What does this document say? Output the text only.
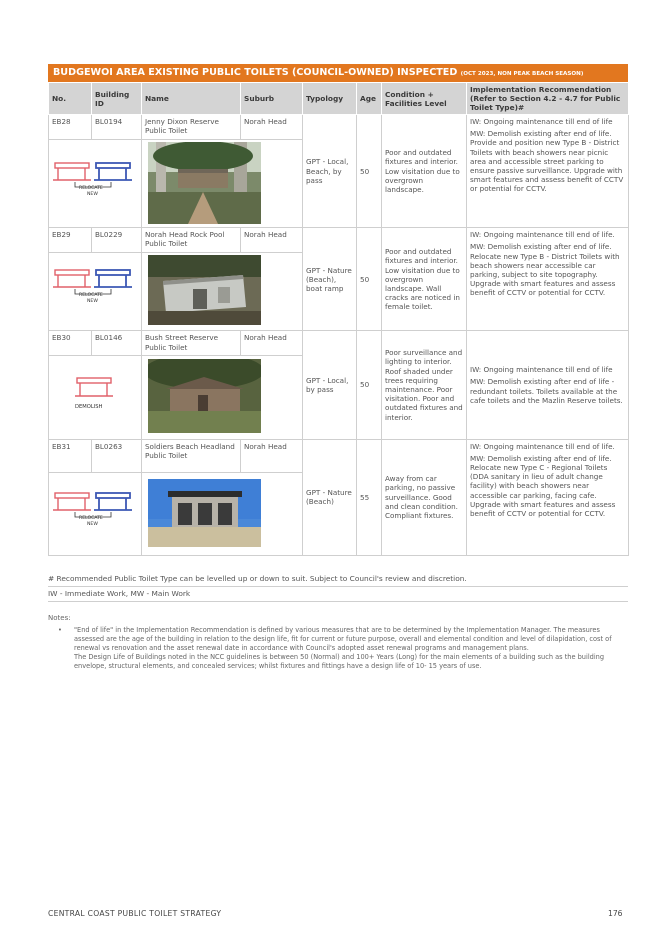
BUDGEWOI AREA EXISTING PUBLIC TOILETS (COUNCIL-OWNED) INSPECTED (OCT 2023, NON PEAK BEACH SEASON)
No.	Building ID	Name	Suburb	Typology	Age	Condition + Facilities Level	Implementation Recommendation (Refer to Section 4.2 - 4.7 for Public Toilet Type)#
EB28	BL0194	Jenny Dixon Reserve Public Toilet	Norah Head	GPT - Local, Beach, by pass	50	Poor and outdated fixtures and interior. Low visitation due to overgrown landscape.	IW: Ongoing maintenance till end of life
MW: Demolish existing after end of life. Provide and position new Type B - District Toilets with beach showers near picnic area and accessible street parking to ensure passive surveillance. Upgrade with smart features and assess benefit of CCTV or potential for CCTV.

RELOCATE
NEW

EB29	BL0229	Norah Head Rock Pool Public Toilet	Norah Head	GPT - Nature (Beach), boat ramp	50	Poor and outdated fixtures and interior. Low visitation due to overgrown landscape. Wall cracks are noticed in female toilet.	IW: Ongoing maintenance till end of life.
MW: Demolish existing after end of life. Relocate new Type B - District Toilets with beach showers near accessible car parking, subject to site topography. Upgrade with smart features and assess benefit of CCTV or potential for CCTV.

RELOCATE
NEW

EB30	BL0146	Bush Street Reserve Public Toilet	Norah Head	GPT - Local, by pass	50	Poor surveillance and lighting to interior. Roof shaded under trees requiring maintenance. Poor visitation. Poor and outdated fixtures and interior.	IW: Ongoing maintenance till end of life
MW: Demolish existing after end of life - redundant toilets. Toilets available at the cafe toilets and the Mazlin Reserve toilets.

DEMOLISH

EB31	BL0263	Soldiers Beach Headland Public Toilet	Norah Head	GPT - Nature (Beach)	55	Away from car parking, no passive surveillance. Good and clean condition. Compliant fixtures.	IW: Ongoing maintenance till end of life.
MW: Demolish existing after end of life. Relocate new Type C - Regional Toilets (DDA sanitary in lieu of adult change facility) with beach showers near accessible car parking, facing cafe. Upgrade with smart features and assess benefit of CCTV or potential for CCTV.

RELOCATE
NEW

# Recommended Public Toilet Type can be levelled up or down to suit. Subject to Council's review and discretion.
IW - Immediate Work, MW - Main Work
Notes:
•	"End of life" in the Implementation Recommendation is defined by various measures that are to be determined by the Implementation Manager. The measures assessed are the age of the building in relation to the design life, fit for current or future purpose, overall and elemental condition and level of dilapidation, cost of renewal vs renovation and the asset renewal date in accordance with Council's adopted asset renewal programs and management plans.
The Design Life of Buildings noted in the NCC guidelines is between 50 (Normal) and 100+ Years (Long) for the main elements of a building such as the building envelope, structural elements, and concealed services; whilst fixtures and fittings have a design life of 10- 15 years of use.
CENTRAL COAST PUBLIC TOILET STRATEGY	176
